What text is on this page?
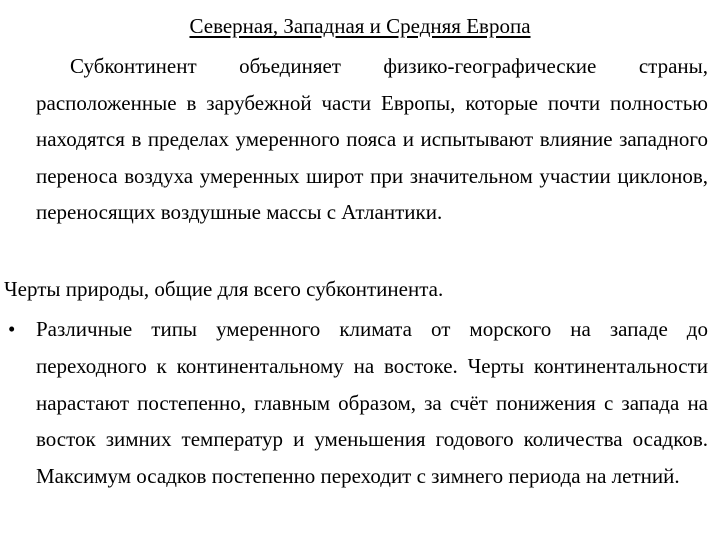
Северная, Западная и Средняя Европа

Субконтинент объединяет физико-географические страны, расположенные в зарубежной части Европы, которые почти полностью находятся в пределах умеренного пояса и испытывают влияние западного переноса воздуха умеренных широт при значительном участии циклонов, переносящих воздушные массы с Атлантики.

Черты природы, общие для всего субконтинента.

• Различные типы умеренного климата от морского на западе до переходного к континентальному на востоке. Черты континентальности нарастают постепенно, главным образом, за счёт понижения с запада на восток зимних температур и уменьшения годового количества осадков. Максимум осадков постепенно переходит с зимнего периода на летний.
